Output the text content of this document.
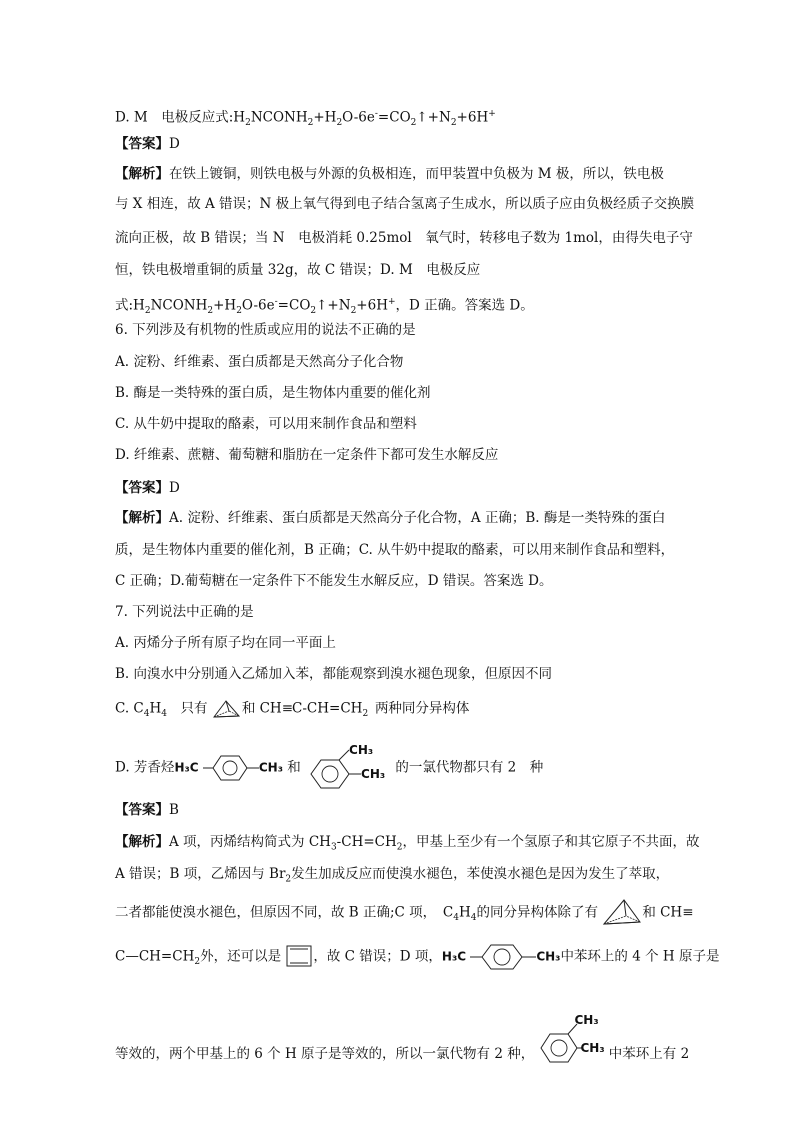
D. M  电极反应式$:H_2NCONH_2+H_2O-6e^-=CO_2↑+N_2+6H^+$
【答案】D
【解析】在铁上镀铜，则铁电极与外源的负极相连，而甲装置中负极为 M 极，所以，铁电极
与 X 相连，故 A 错误；N 极上氧气得到电子结合氢离子生成水，所以质子应由负极经质子交换膜
流向正极，故 B 错误；当 N　电极消耗 0.25mol　氧气时，转移电子数为 1mol，由得失电子守
恒，铁电极增重铜的质量 32g，故 C 错误；D. M　电极反应
式$:H_2NCONH_2+H_2O-6e^-=CO_2↑+N_2+6H^+$，D 正确。答案选 D。
6. 下列涉及有机物的性质或应用的说法不正确的是
A. 淀粉、纤维素、蛋白质都是天然高分子化合物
B. 酶是一类特殊的蛋白质，是生物体内重要的催化剂
C. 从牛奶中提取的酪素，可以用来制作食品和塑料
D. 纤维素、蔗糖、葡萄糖和脂肪在一定条件下都可发生水解反应
【答案】D
【解析】A. 淀粉、纤维素、蛋白质都是天然高分子化合物，A 正确；B. 酶是一类特殊的蛋白
质，是生物体内重要的催化剂，B 正确；C. 从牛奶中提取的酪素，可以用来制作食品和塑料，
C 正确；D.葡萄糖在一定条件下不能发生水解反应，D 错误。答案选 D。
7. 下列说法中正确的是
A. 丙烯分子所有原子均在同一平面上
B. 向溴水中分别通入乙烯加入苯，都能观察到溴水褪色现象，但原因不同
C. $C_4H_4$  只有	和 $CH\equiv C-CH=CH_2$  两种同分异构体
D. 芳香烃H₃C	CH₃ 和
CH₃
CH₃ 的一氯代物都只有 2　种
【答案】B
【解析】A 项，丙烯结构简式为 $CH_3-CH=CH_2$，甲基上至少有一个氢原子和其它原子不共面，故
A 错误；B 项，乙烯因与 $Br_2$发生加成反应而使溴水褪色，苯使溴水褪色是因为发生了萃取，
二者都能使溴水褪色，但原因不同，故 B 正确;C 项，　$C_4H_4$的同分异构体除了有	和 CH≡
$C—CH=CH_2$外，还可以是 ，故 C 错误；D 项，H₃C	CH₃中苯环上的 4 个 H 原子是
等效的，两个甲基上的 6 个 H 原子是等效的，所以一氯代物有 2 种，
CH₃
CH₃ 中苯环上有 2
